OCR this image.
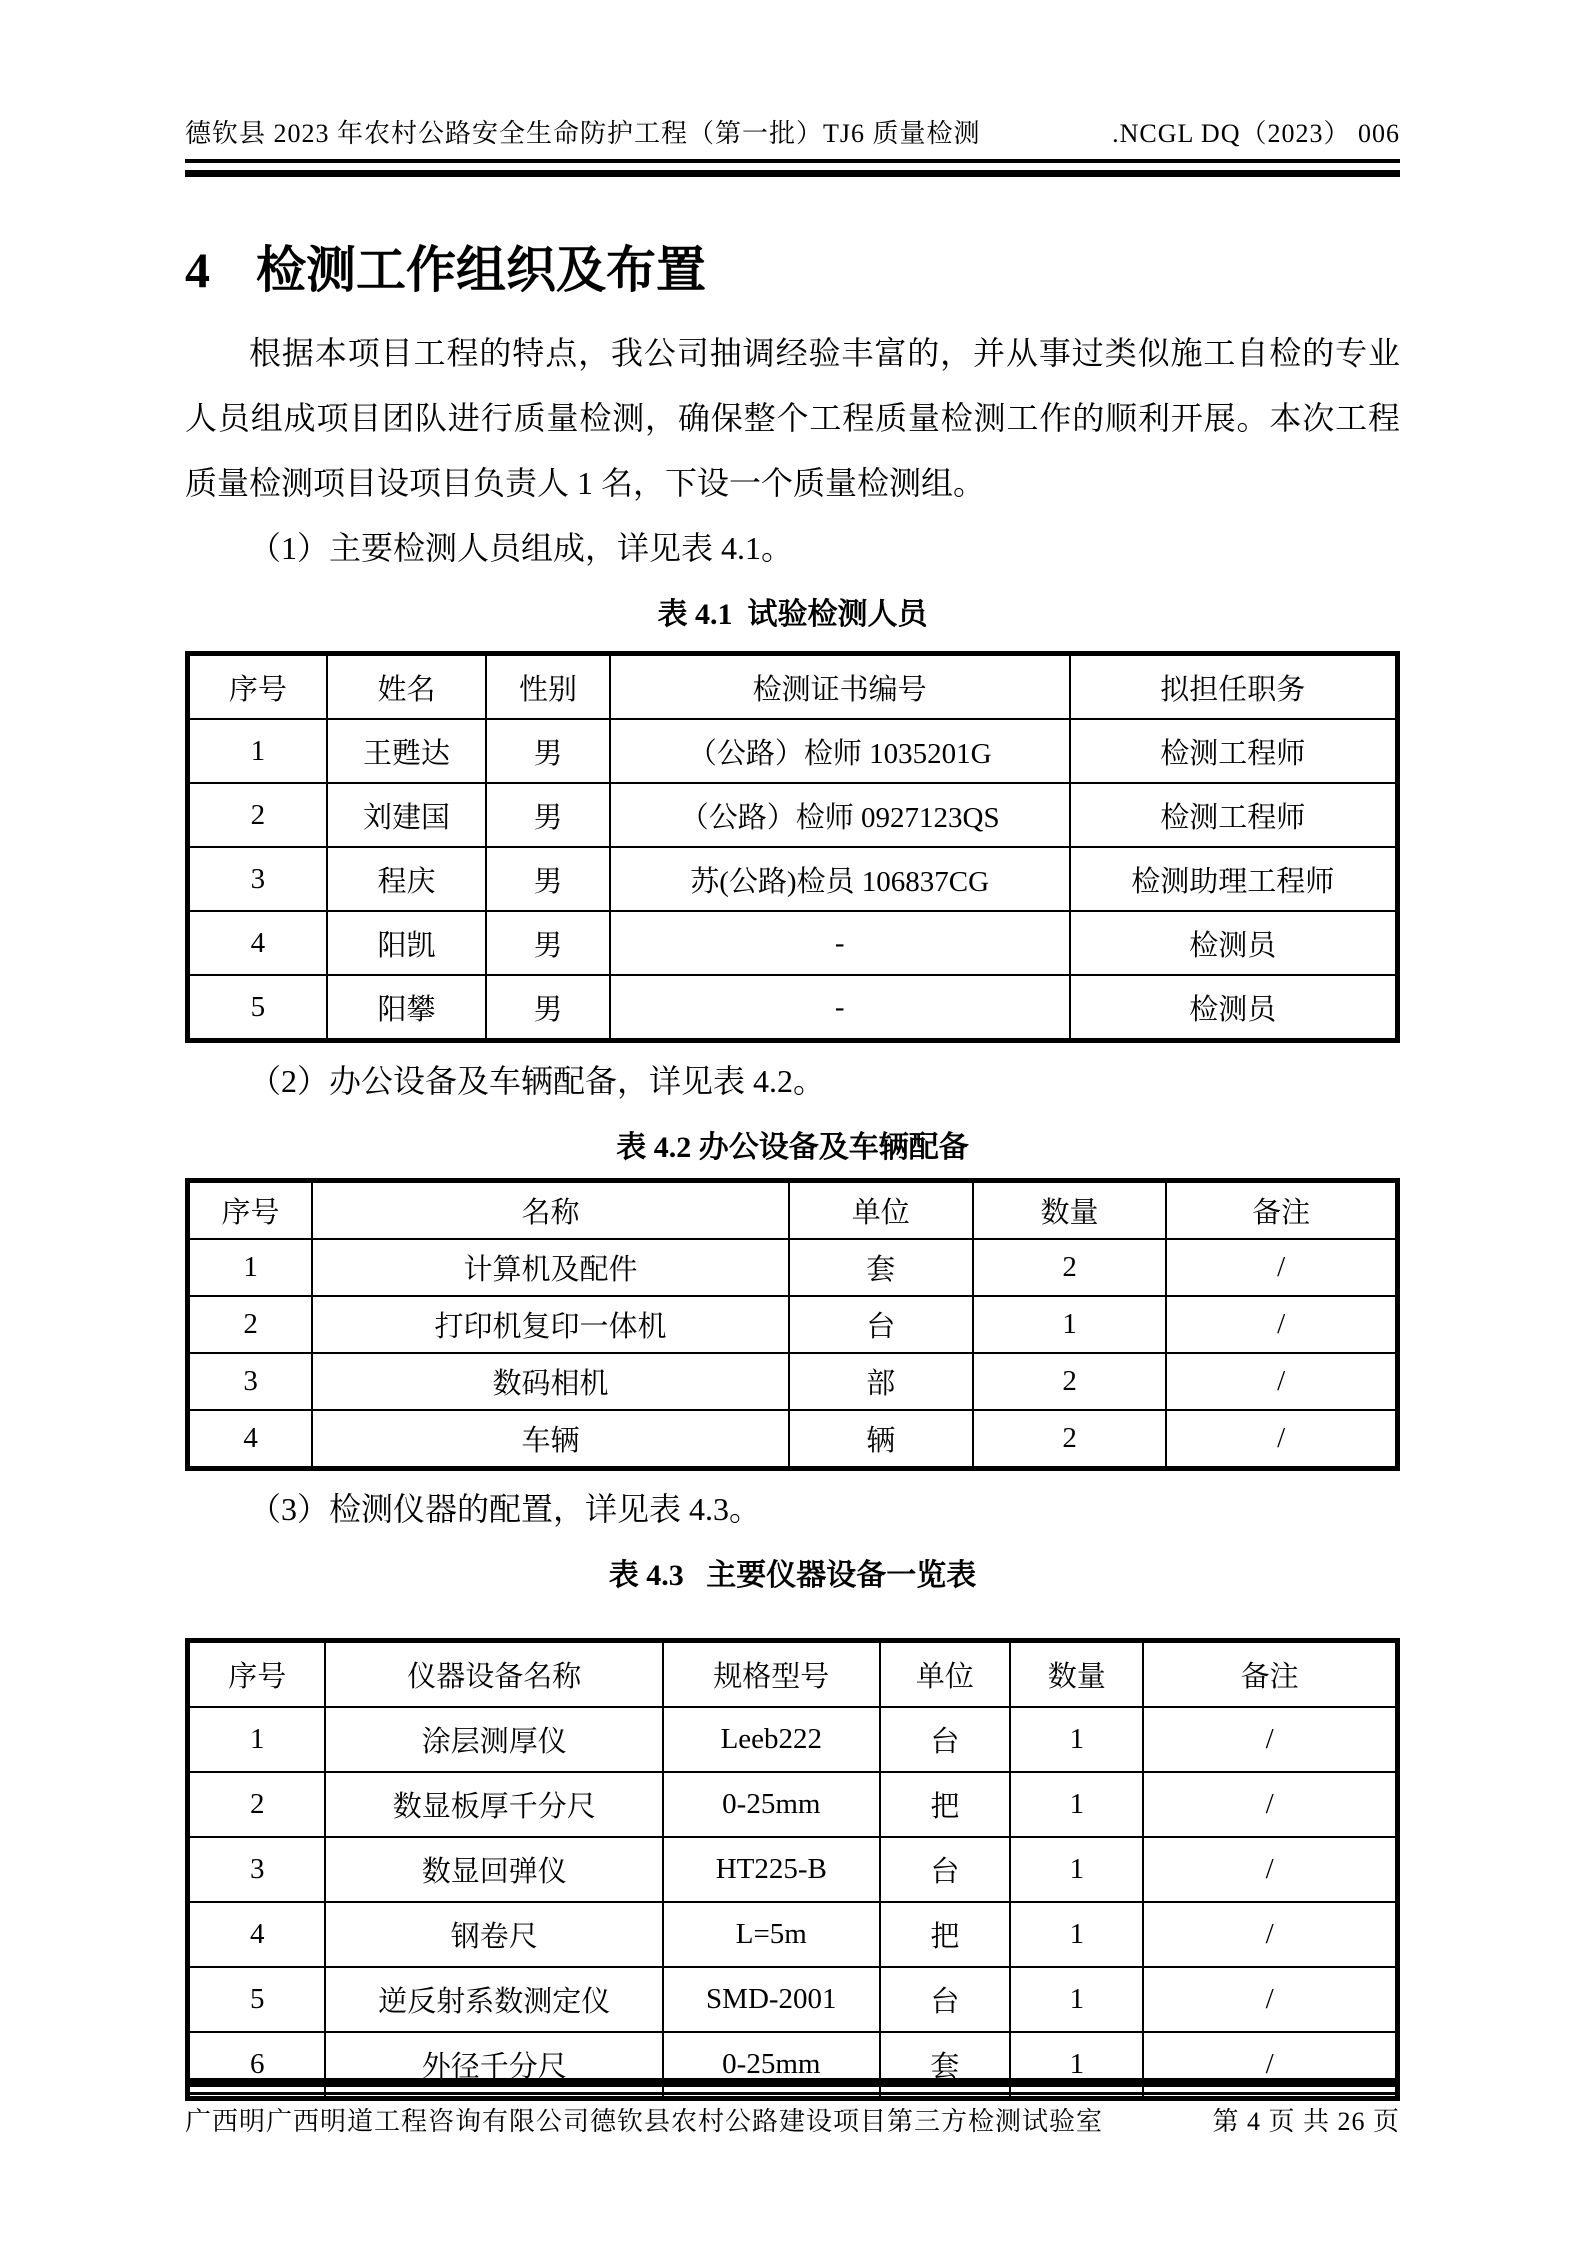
德钦县 2023 年农村公路安全生命防护工程（第一批）TJ6 质量检测	.NCGL DQ（2023） 006
4 检测工作组织及布置

根据本项目工程的特点，我公司抽调经验丰富的，并从事过类似施工自检的专业人员组成项目团队进行质量检测，确保整个工程质量检测工作的顺利开展。本次工程质量检测项目设项目负责人 1 名，下设一个质量检测组。

（1）主要检测人员组成，详见表 4.1。

表 4.1  试验检测人员

序号	姓名	性别	检测证书编号	拟担任职务
1	王甦达	男	（公路）检师 1035201G	检测工程师
2	刘建国	男	（公路）检师 0927123QS	检测工程师
3	程庆	男	苏(公路)检员 106837CG	检测助理工程师
4	阳凯	男	-	检测员
5	阳攀	男	-	检测员

（2）办公设备及车辆配备，详见表 4.2。

表 4.2 办公设备及车辆配备

序号	名称	单位	数量	备注
1	计算机及配件	套	2	/
2	打印机复印一体机	台	1	/
3	数码相机	部	2	/
4	车辆	辆	2	/

（3）检测仪器的配置，详见表 4.3。

表 4.3   主要仪器设备一览表

序号	仪器设备名称	规格型号	单位	数量	备注
1	涂层测厚仪	Leeb222	台	1	/
2	数显板厚千分尺	0-25mm	把	1	/
3	数显回弹仪	HT225-B	台	1	/
4	钢卷尺	L=5m	把	1	/
5	逆反射系数测定仪	SMD-2001	台	1	/
6	外径千分尺	0-25mm	套	1	/
广西明广西明道工程咨询有限公司德钦县农村公路建设项目第三方检测试验室	第 4 页 共 26 页
